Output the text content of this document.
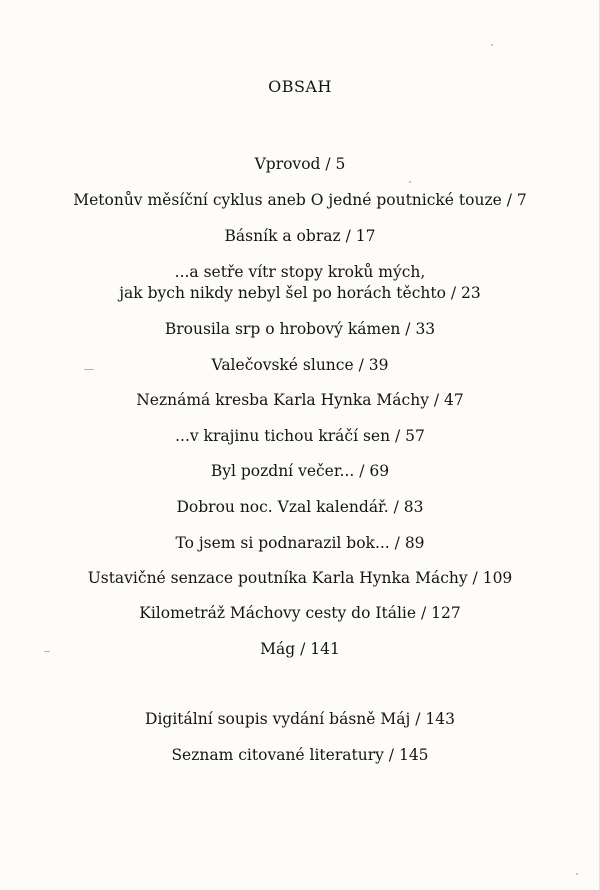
OBSAH
Vprovod / 5
Metonův měsíční cyklus aneb O jedné poutnické touze / 7
Básník a obraz / 17
...a setře vítr stopy kroků mých,
jak bych nikdy nebyl šel po horách těchto / 23
Brousila srp o hrobový kámen / 33
Valečovské slunce / 39
Neznámá kresba Karla Hynka Máchy / 47
...v krajinu tichou kráčí sen / 57
Byl pozdní večer... / 69
Dobrou noc. Vzal kalendář. / 83
To jsem si podnarazil bok... / 89
Ustavičné senzace poutníka Karla Hynka Máchy / 109
Kilometráž Máchovy cesty do Itálie / 127
Mág / 141
Digitální soupis vydání básně Máj / 143
Seznam citované literatury / 145
